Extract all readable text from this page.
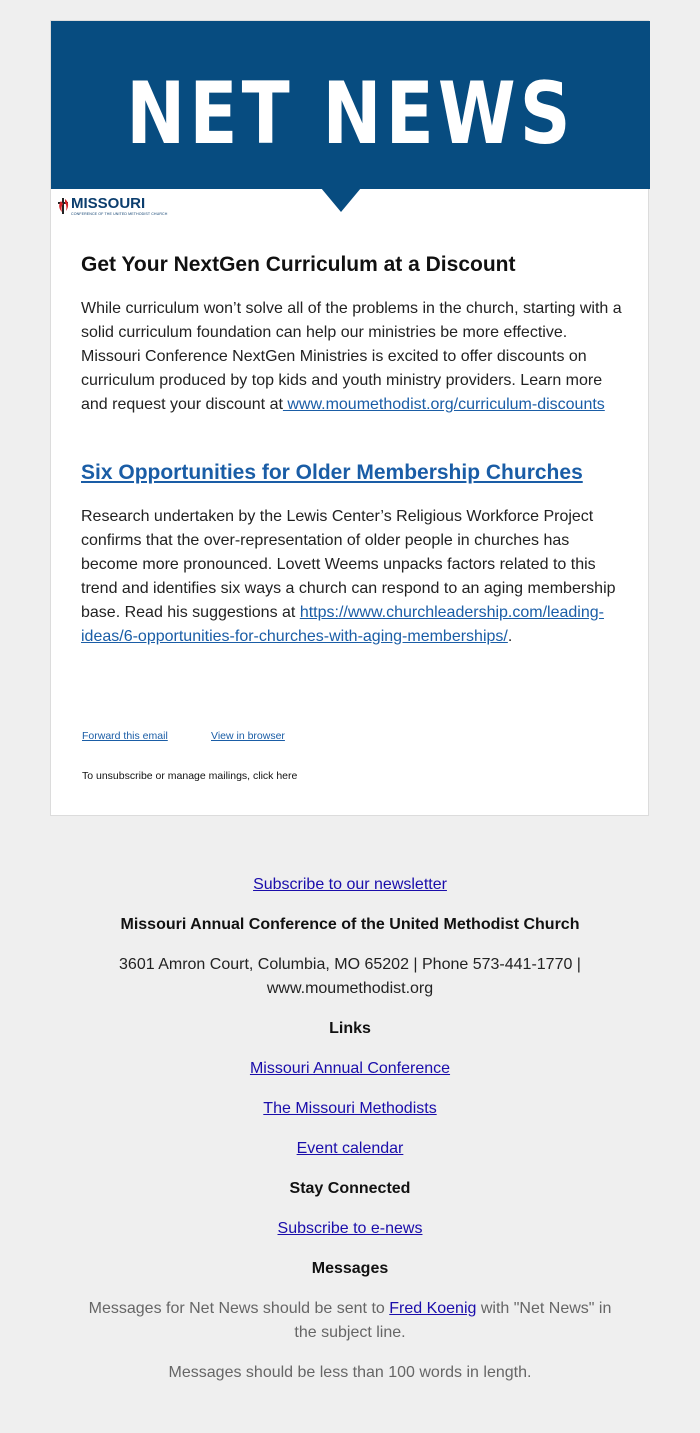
NET NEWS
MISSOURI
CONFERENCE OF THE UNITED METHODIST CHURCH
Get Your NextGen Curriculum at a Discount

While curriculum won’t solve all of the problems in the church, starting with a solid curriculum foundation can help our ministries be more effective. Missouri Conference NextGen Ministries is excited to offer discounts on curriculum produced by top kids and youth ministry providers. Learn more and request your discount at www.moumethodist.org/curriculum-discounts

Six Opportunities for Older Membership Churches

Research undertaken by the Lewis Center’s Religious Workforce Project confirms that the over-representation of older people in churches has become more pronounced. Lovett Weems unpacks factors related to this trend and identifies six ways a church can respond to an aging membership base. Read his suggestions at https://www.churchleadership.com/leading-ideas/6-opportunities-for-churches-with-aging-memberships/.

Forward this email	View in browser
To unsubscribe or manage mailings, click here
Subscribe to our newsletter
Missouri Annual Conference of the United Methodist Church
3601 Amron Court, Columbia, MO 65202 | Phone 573-441-1770 |
www.moumethodist.org
Links
Missouri Annual Conference
The Missouri Methodists
Event calendar
Stay Connected
Subscribe to e-news
Messages
Messages for Net News should be sent to Fred Koenig with "Net News" in
the subject line.
Messages should be less than 100 words in length.
